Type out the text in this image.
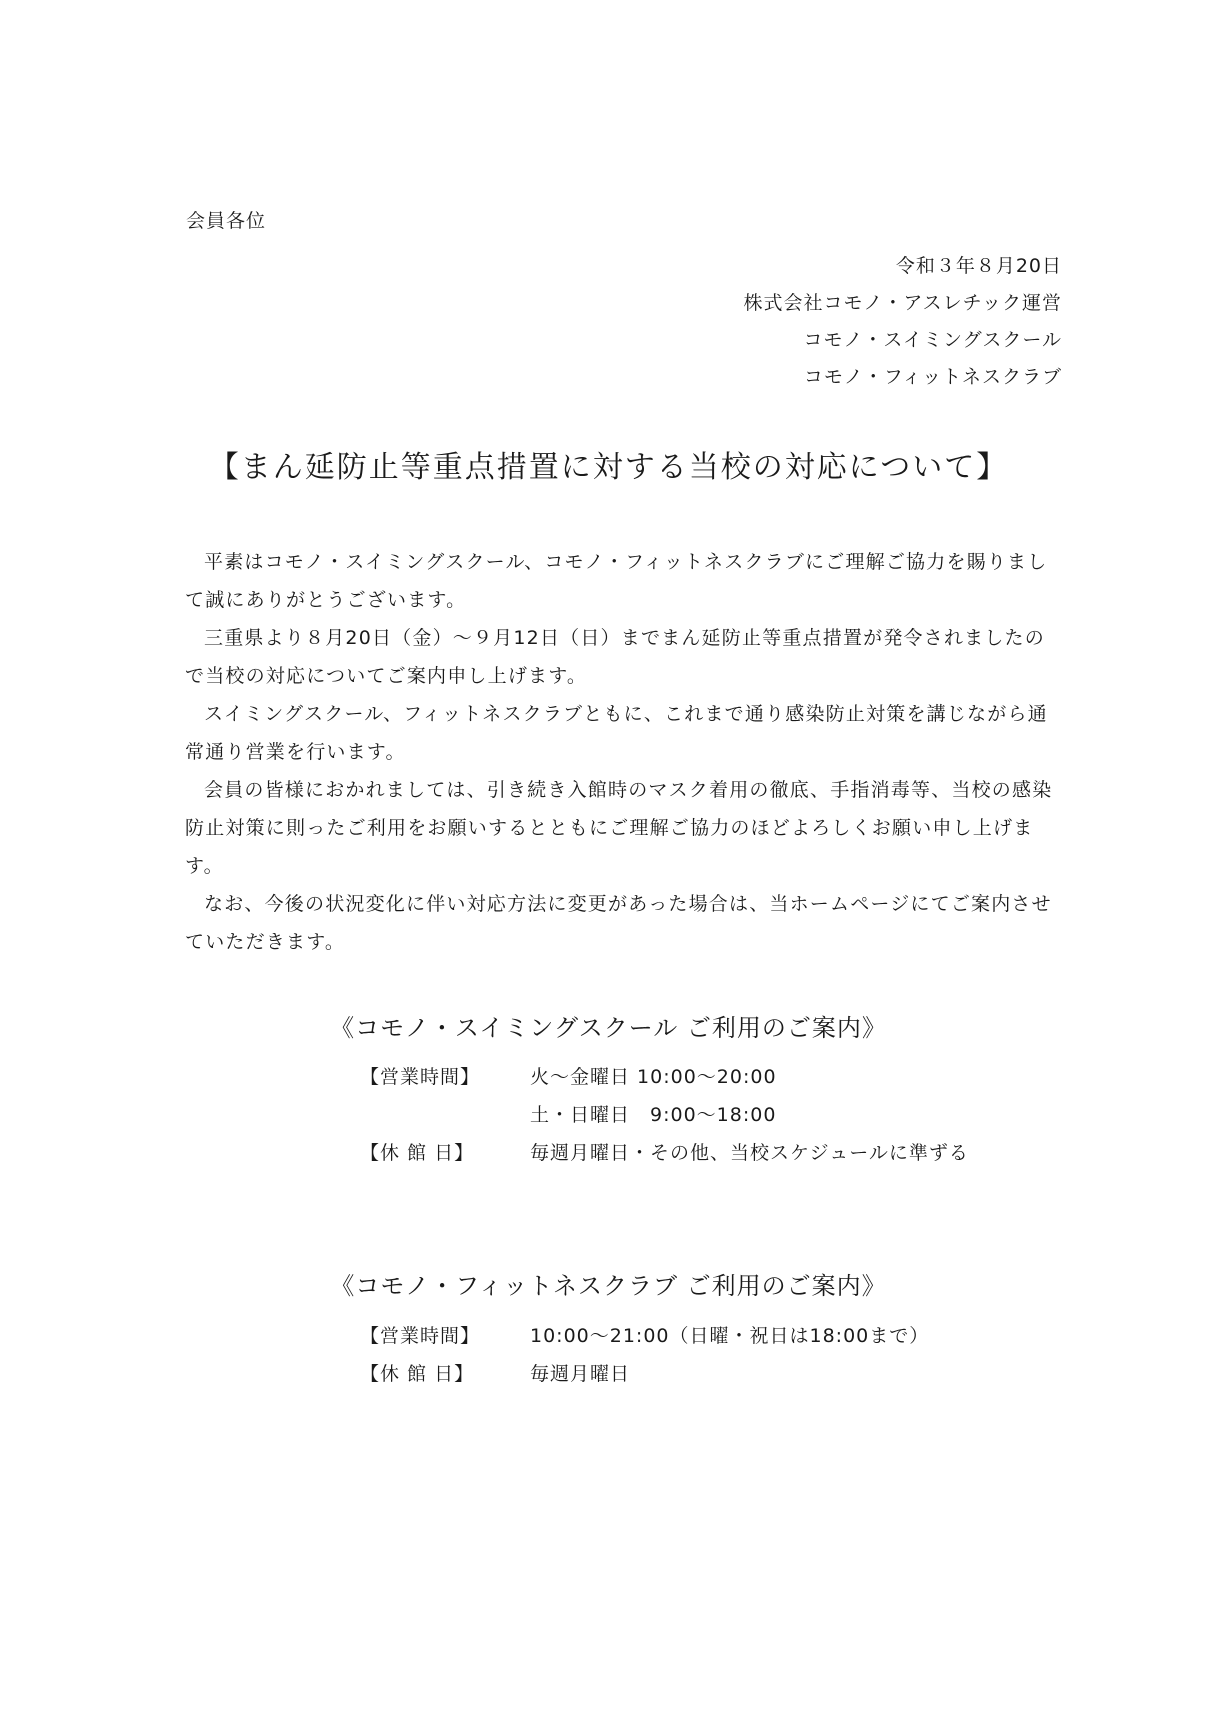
会員各位
令和３年８月20日
株式会社コモノ・アスレチック運営
コモノ・スイミングスクール
コモノ・フィットネスクラブ
【まん延防止等重点措置に対する当校の対応について】

平素はコモノ・スイミングスクール、コモノ・フィットネスクラブにご理解ご協力を賜りまして誠にありがとうございます。

三重県より８月20日（金）～９月12日（日）までまん延防止等重点措置が発令されましたので当校の対応についてご案内申し上げます。

スイミングスクール、フィットネスクラブともに、これまで通り感染防止対策を講じながら通常通り営業を行います。

会員の皆様におかれましては、引き続き入館時のマスク着用の徹底、手指消毒等、当校の感染防止対策に則ったご利用をお願いするとともにご理解ご協力のほどよろしくお願い申し上げます。

なお、今後の状況変化に伴い対応方法に変更があった場合は、当ホームページにてご案内させていただきます。

《コモノ・スイミングスクール ご利用のご案内》
【営業時間】	火～金曜日 10:00～20:00
	土・日曜日　9:00～18:00
【休 館 日】	毎週月曜日・その他、当校スケジュールに準ずる
《コモノ・フィットネスクラブ ご利用のご案内》
【営業時間】	10:00～21:00（日曜・祝日は18:00まで）
【休 館 日】	毎週月曜日
